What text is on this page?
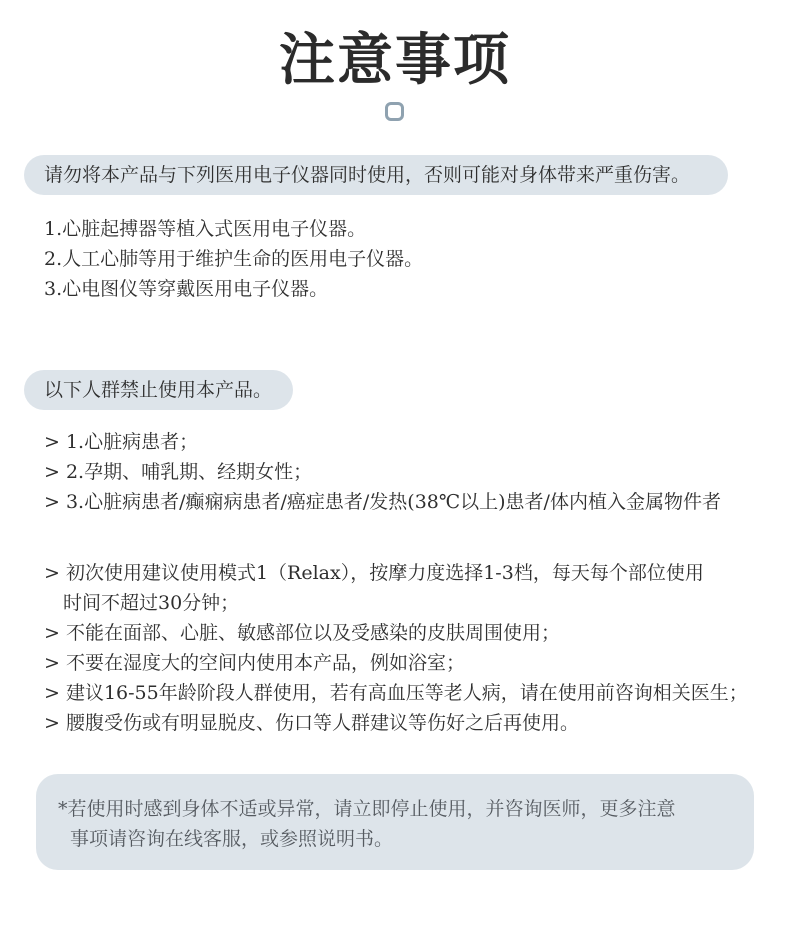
注意事项
请勿将本产品与下列医用电子仪器同时使用，否则可能对身体带来严重伤害。
1.心脏起搏器等植入式医用电子仪器。
2.人工心肺等用于维护生命的医用电子仪器。
3.心电图仪等穿戴医用电子仪器。
以下人群禁止使用本产品。
> 1.心脏病患者；
> 2.孕期、哺乳期、经期女性；
> 3.心脏病患者/癫痫病患者/癌症患者/发热(38℃以上)患者/体内植入金属物件者
> 初次使用建议使用模式1（Relax），按摩力度选择1-3档，每天每个部位使用
时间不超过30分钟；
> 不能在面部、心脏、敏感部位以及受感染的皮肤周围使用；
> 不要在湿度大的空间内使用本产品，例如浴室；
> 建议16-55年龄阶段人群使用，若有高血压等老人病，请在使用前咨询相关医生；
> 腰腹受伤或有明显脱皮、伤口等人群建议等伤好之后再使用。
*若使用时感到身体不适或异常，请立即停止使用，并咨询医师，更多注意
事项请咨询在线客服，或参照说明书。
